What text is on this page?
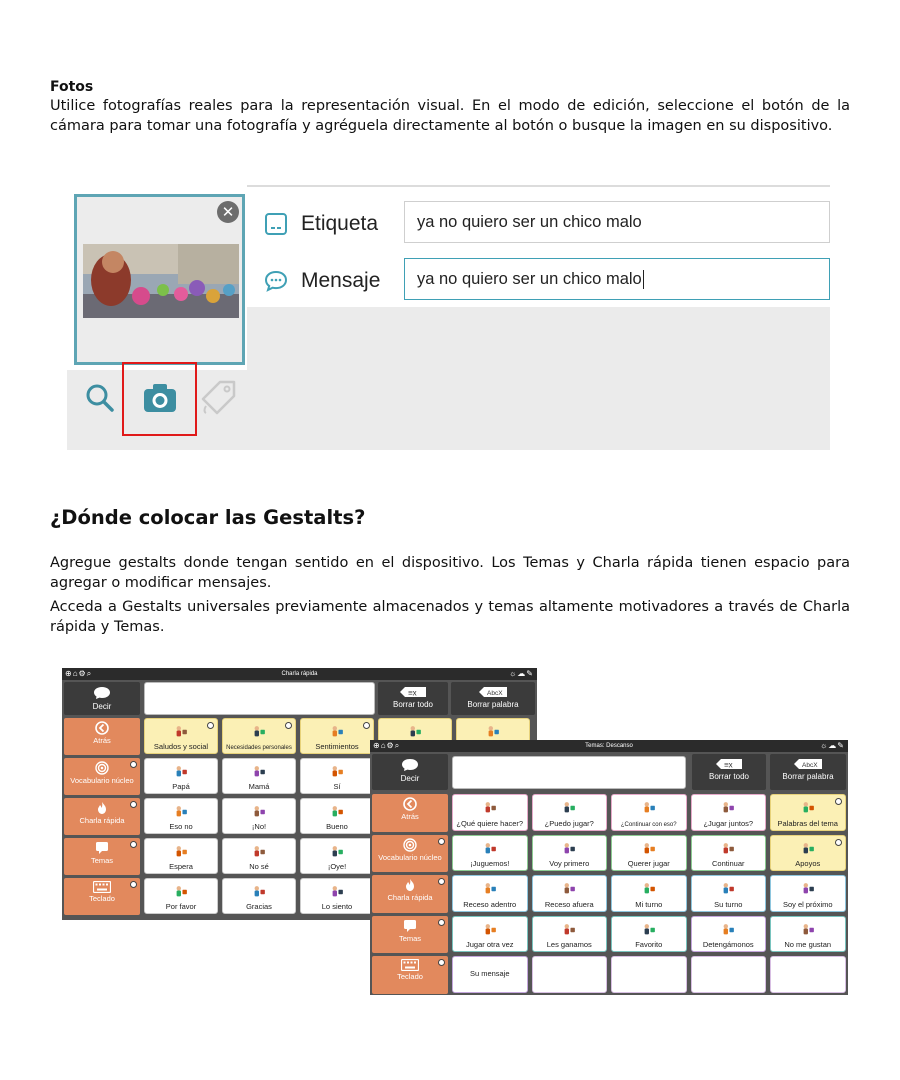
Fotos
Utilice fotografías reales para la representación visual. En el modo de edición, seleccione el botón de la cámara para tomar una fotografía y agréguela directamente al botón o busque la imagen en su dispositivo.
✕	Etiqueta	ya no quiero ser un chico malo
Mensaje	ya no quiero ser un chico malo
¿Dónde colocar las Gestalts?
Agregue gestalts donde tengan sentido en el dispositivo. Los Temas y Charla rápida tienen espacio para agregar o modificar mensajes.
Acceda a Gestalts universales previamente almacenados y temas altamente motivadores a través de Charla rápida y Temas.
⊕⌂⚙⌕	Charla rápida	☼☁✎
Decir
≡x
Borrar todo
AbcX
Borrar palabra
Atrás
Vocabulario núcleo
Charla rápida
Temas
Teclado
Saludos y social	Necesidades personales	Sentimientos
Papá	Mamá	Sí
Eso no	¡No!	Bueno
Espera	No sé	¡Oye!
Por favor	Gracias	Lo siento
⊕⌂⚙⌕	Temas: Descanso	☼☁✎
Decir
≡x
Borrar todo
AbcX
Borrar palabra
Atrás
Vocabulario núcleo
Charla rápida
Temas
Teclado
¿Qué quiere hacer?	¿Puedo jugar?	¿Continuar con eso?	¿Jugar juntos?	Palabras del tema
¡Juguemos!	Voy primero	Querer jugar	Continuar	Apoyos
Receso adentro	Receso afuera	Mi turno	Su turno	Soy el próximo
Jugar otra vez	Les ganamos	Favorito	Detengámonos	No me gustan
Su mensaje
